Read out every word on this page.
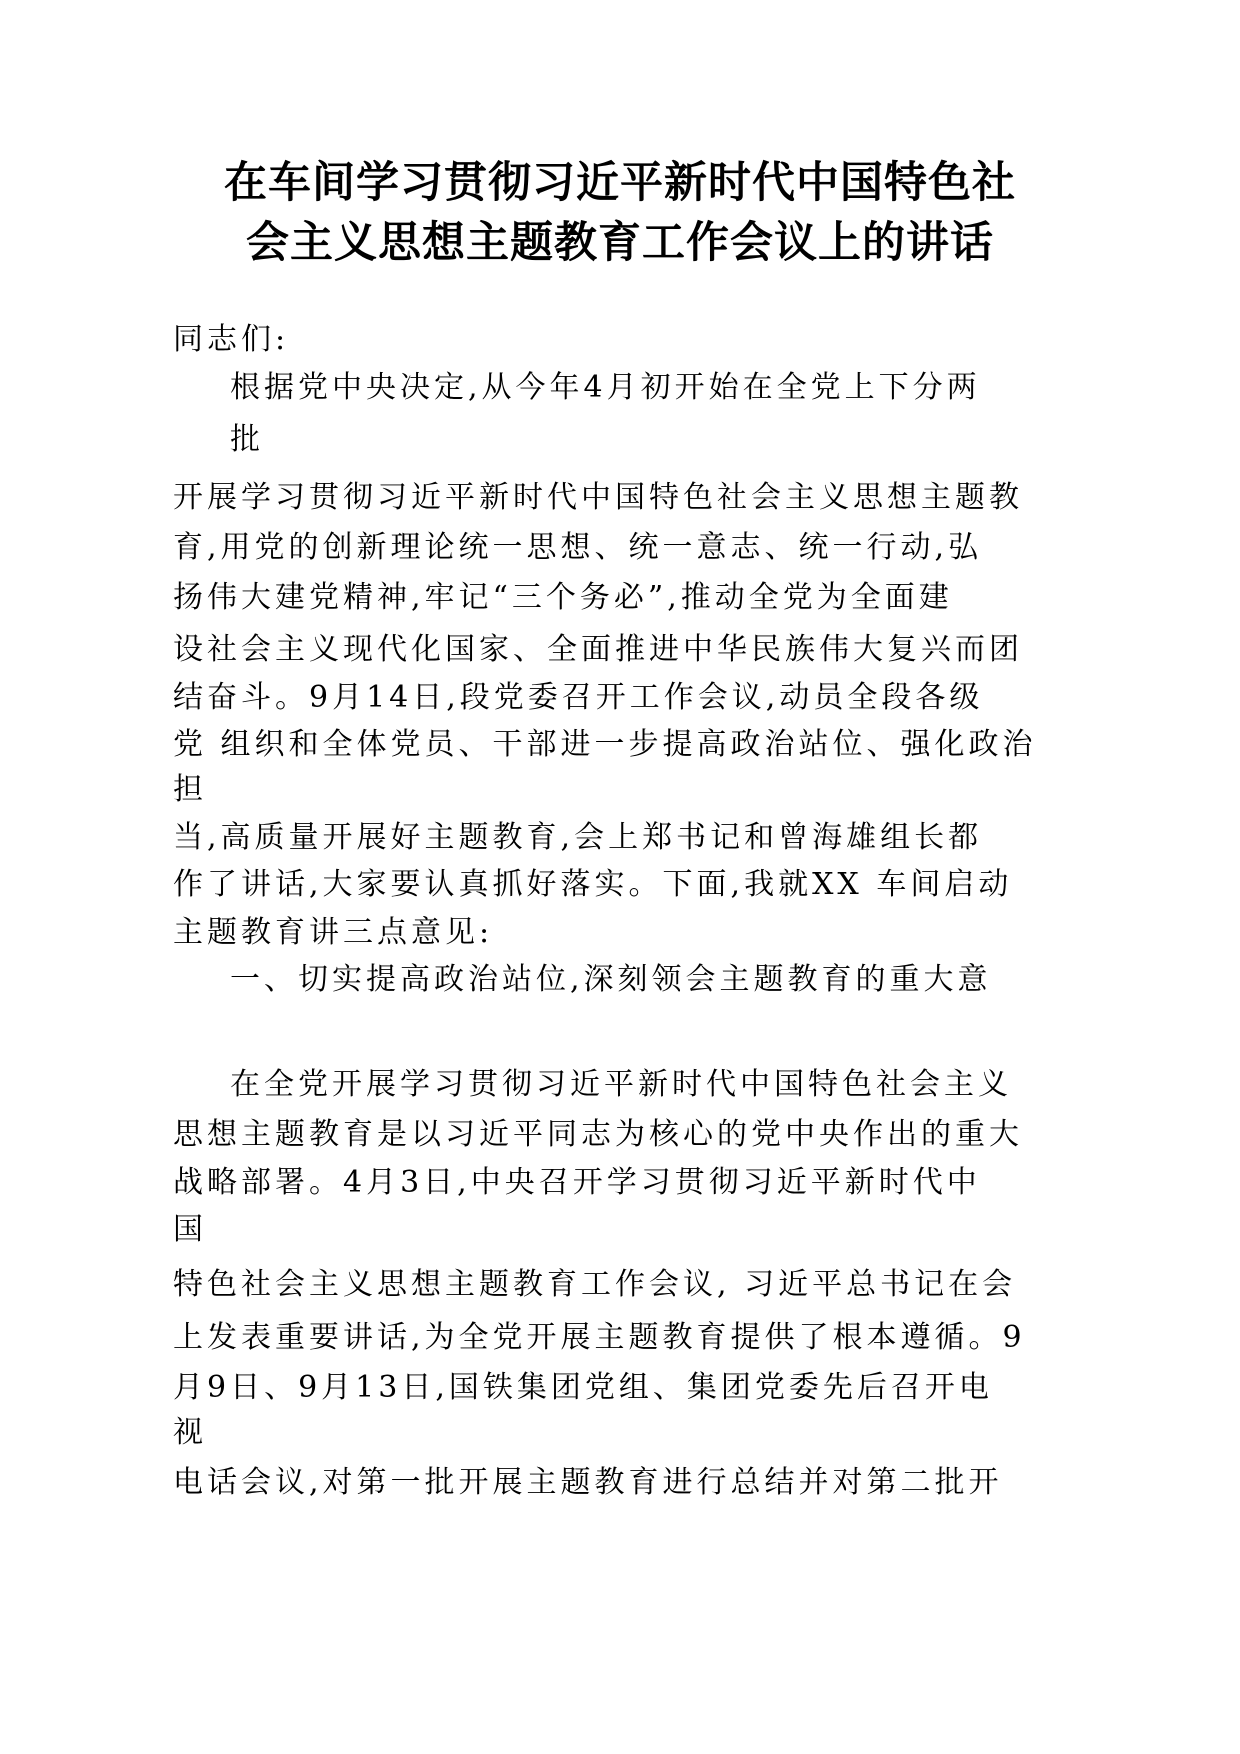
在车间学习贯彻习近平新时代中国特色社
会主义思想主题教育工作会议上的讲话
同志们:
根据党中央决定,从今年4月初开始在全党上下分两
批
开展学习贯彻习近平新时代中国特色社会主义思想主题教
育,用党的创新理论统一思想、统一意志、统一行动,弘
扬伟大建党精神,牢记“三个务必”,推动全党为全面建
设社会主义现代化国家、全面推进中华民族伟大复兴而团
结奋斗。9月14日,段党委召开工作会议,动员全段各级
党 组织和全体党员、干部进一步提高政治站位、强化政治
担
当,高质量开展好主题教育,会上郑书记和曾海雄组长都
作了讲话,大家要认真抓好落实。下面,我就XX 车间启动
主题教育讲三点意见:
一、切实提高政治站位,深刻领会主题教育的重大意
在全党开展学习贯彻习近平新时代中国特色社会主义
思想主题教育是以习近平同志为核心的党中央作出的重大
战略部署。4月3日,中央召开学习贯彻习近平新时代中
国
特色社会主义思想主题教育工作会议, 习近平总书记在会
上发表重要讲话,为全党开展主题教育提供了根本遵循。9
月9日、9月13日,国铁集团党组、集团党委先后召开电
视
电话会议,对第一批开展主题教育进行总结并对第二批开
